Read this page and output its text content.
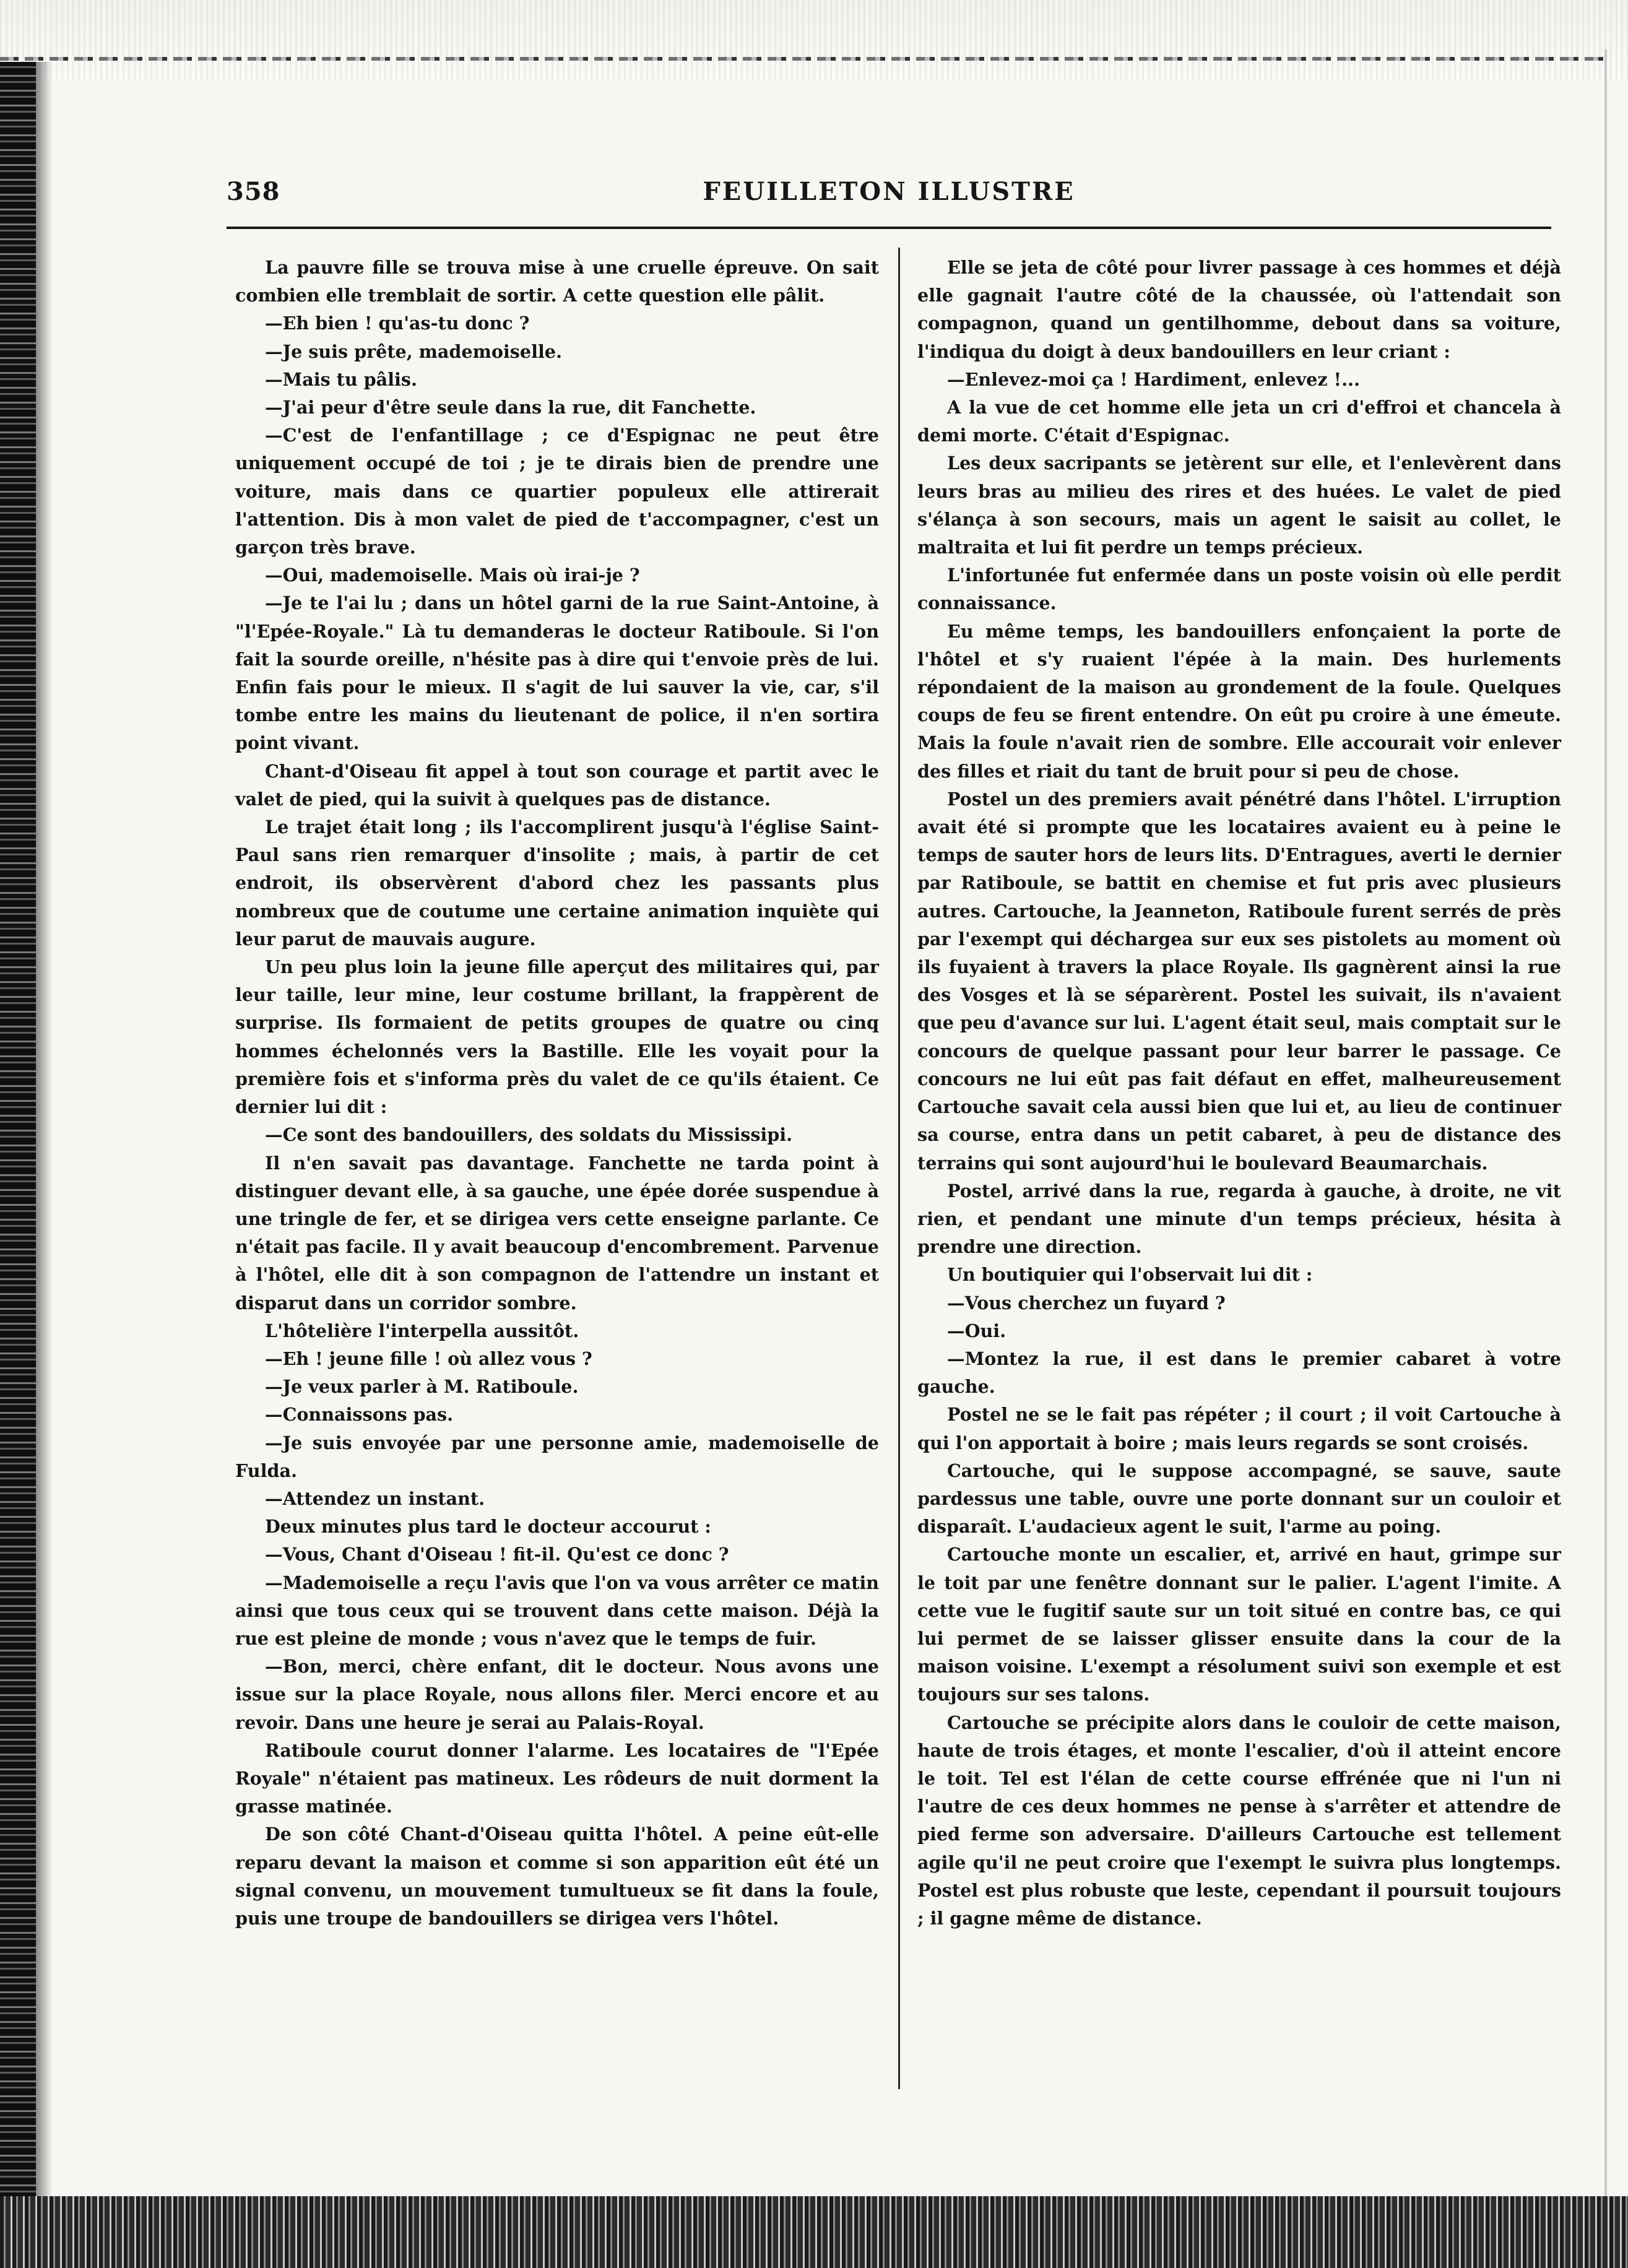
358	FEUILLETON ILLUSTRE

La pauvre fille se trouva mise à une cruelle épreuve. On sait combien elle tremblait de sortir. A cette question elle pâlit.

—Eh bien ! qu'as-tu donc ?

—Je suis prête, mademoiselle.

—Mais tu pâlis.

—J'ai peur d'être seule dans la rue, dit Fanchette.

—C'est de l'enfantillage ; ce d'Espignac ne peut être uniquement occupé de toi ; je te dirais bien de prendre une voiture, mais dans ce quartier populeux elle attirerait l'attention. Dis à mon valet de pied de t'accompagner, c'est un garçon très brave.

—Oui, mademoiselle. Mais où irai-je ?

—Je te l'ai lu ; dans un hôtel garni de la rue Saint-Antoine, à "l'Epée-Royale." Là tu demanderas le docteur Ratiboule. Si l'on fait la sourde oreille, n'hésite pas à dire qui t'envoie près de lui. Enfin fais pour le mieux. Il s'agit de lui sauver la vie, car, s'il tombe entre les mains du lieutenant de police, il n'en sortira point vivant.

Chant-d'Oiseau fit appel à tout son courage et partit avec le valet de pied, qui la suivit à quelques pas de distance.

Le trajet était long ; ils l'accomplirent jusqu'à l'église Saint-Paul sans rien remarquer d'insolite ; mais, à partir de cet endroit, ils observèrent d'abord chez les passants plus nombreux que de coutume une certaine animation inquiète qui leur parut de mauvais augure.

Un peu plus loin la jeune fille aperçut des militaires qui, par leur taille, leur mine, leur costume brillant, la frappèrent de surprise. Ils formaient de petits groupes de quatre ou cinq hommes échelonnés vers la Bastille. Elle les voyait pour la première fois et s'informa près du valet de ce qu'ils étaient. Ce dernier lui dit :

—Ce sont des bandouillers, des soldats du Mississipi.

Il n'en savait pas davantage. Fanchette ne tarda point à distinguer devant elle, à sa gauche, une épée dorée suspendue à une tringle de fer, et se dirigea vers cette enseigne parlante. Ce n'était pas facile. Il y avait beaucoup d'encombrement. Parvenue à l'hôtel, elle dit à son compagnon de l'attendre un instant et disparut dans un corridor sombre.

L'hôtelière l'interpella aussitôt.

—Eh ! jeune fille ! où allez vous ?

—Je veux parler à M. Ratiboule.

—Connaissons pas.

—Je suis envoyée par une personne amie, mademoiselle de Fulda.

—Attendez un instant.

Deux minutes plus tard le docteur accourut :

—Vous, Chant d'Oiseau ! fit-il. Qu'est ce donc ?

—Mademoiselle a reçu l'avis que l'on va vous arrêter ce matin ainsi que tous ceux qui se trouvent dans cette maison. Déjà la rue est pleine de monde ; vous n'avez que le temps de fuir.

—Bon, merci, chère enfant, dit le docteur. Nous avons une issue sur la place Royale, nous allons filer. Merci encore et au revoir. Dans une heure je serai au Palais-Royal.

Ratiboule courut donner l'alarme. Les locataires de "l'Epée Royale" n'étaient pas matineux. Les rôdeurs de nuit dorment la grasse matinée.

De son côté Chant-d'Oiseau quitta l'hôtel. A peine eût-elle reparu devant la maison et comme si son apparition eût été un signal convenu, un mouvement tumultueux se fit dans la foule, puis une troupe de bandouillers se dirigea vers l'hôtel.

Elle se jeta de côté pour livrer passage à ces hommes et déjà elle gagnait l'autre côté de la chaussée, où l'attendait son compagnon, quand un gentilhomme, debout dans sa voiture, l'indiqua du doigt à deux bandouillers en leur criant :

—Enlevez-moi ça ! Hardiment, enlevez !...

A la vue de cet homme elle jeta un cri d'effroi et chancela à demi morte. C'était d'Espignac.

Les deux sacripants se jetèrent sur elle, et l'enlevèrent dans leurs bras au milieu des rires et des huées. Le valet de pied s'élança à son secours, mais un agent le saisit au collet, le maltraita et lui fit perdre un temps précieux.

L'infortunée fut enfermée dans un poste voisin où elle perdit connaissance.

Eu même temps, les bandouillers enfonçaient la porte de l'hôtel et s'y ruaient l'épée à la main. Des hurlements répondaient de la maison au grondement de la foule. Quelques coups de feu se firent entendre. On eût pu croire à une émeute. Mais la foule n'avait rien de sombre. Elle accourait voir enlever des filles et riait du tant de bruit pour si peu de chose.

Postel un des premiers avait pénétré dans l'hôtel. L'irruption avait été si prompte que les locataires avaient eu à peine le temps de sauter hors de leurs lits. D'Entragues, averti le dernier par Ratiboule, se battit en chemise et fut pris avec plusieurs autres. Cartouche, la Jeanneton, Ratiboule furent serrés de près par l'exempt qui déchargea sur eux ses pistolets au moment où ils fuyaient à travers la place Royale. Ils gagnèrent ainsi la rue des Vosges et là se séparèrent. Postel les suivait, ils n'avaient que peu d'avance sur lui. L'agent était seul, mais comptait sur le concours de quelque passant pour leur barrer le passage. Ce concours ne lui eût pas fait défaut en effet, malheureusement Cartouche savait cela aussi bien que lui et, au lieu de continuer sa course, entra dans un petit cabaret, à peu de distance des terrains qui sont aujourd'hui le boulevard Beaumarchais.

Postel, arrivé dans la rue, regarda à gauche, à droite, ne vit rien, et pendant une minute d'un temps précieux, hésita à prendre une direction.

Un boutiquier qui l'observait lui dit :

—Vous cherchez un fuyard ?

—Oui.

—Montez la rue, il est dans le premier cabaret à votre gauche.

Postel ne se le fait pas répéter ; il court ; il voit Cartouche à qui l'on apportait à boire ; mais leurs regards se sont croisés.

Cartouche, qui le suppose accompagné, se sauve, saute pardessus une table, ouvre une porte donnant sur un couloir et disparaît. L'audacieux agent le suit, l'arme au poing.

Cartouche monte un escalier, et, arrivé en haut, grimpe sur le toit par une fenêtre donnant sur le palier. L'agent l'imite. A cette vue le fugitif saute sur un toit situé en contre bas, ce qui lui permet de se laisser glisser ensuite dans la cour de la maison voisine. L'exempt a résolument suivi son exemple et est toujours sur ses talons.

Cartouche se précipite alors dans le couloir de cette maison, haute de trois étages, et monte l'escalier, d'où il atteint encore le toit. Tel est l'élan de cette course effrénée que ni l'un ni l'autre de ces deux hommes ne pense à s'arrêter et attendre de pied ferme son adversaire. D'ailleurs Cartouche est tellement agile qu'il ne peut croire que l'exempt le suivra plus longtemps. Postel est plus robuste que leste, cependant il poursuit toujours ; il gagne même de distance.
